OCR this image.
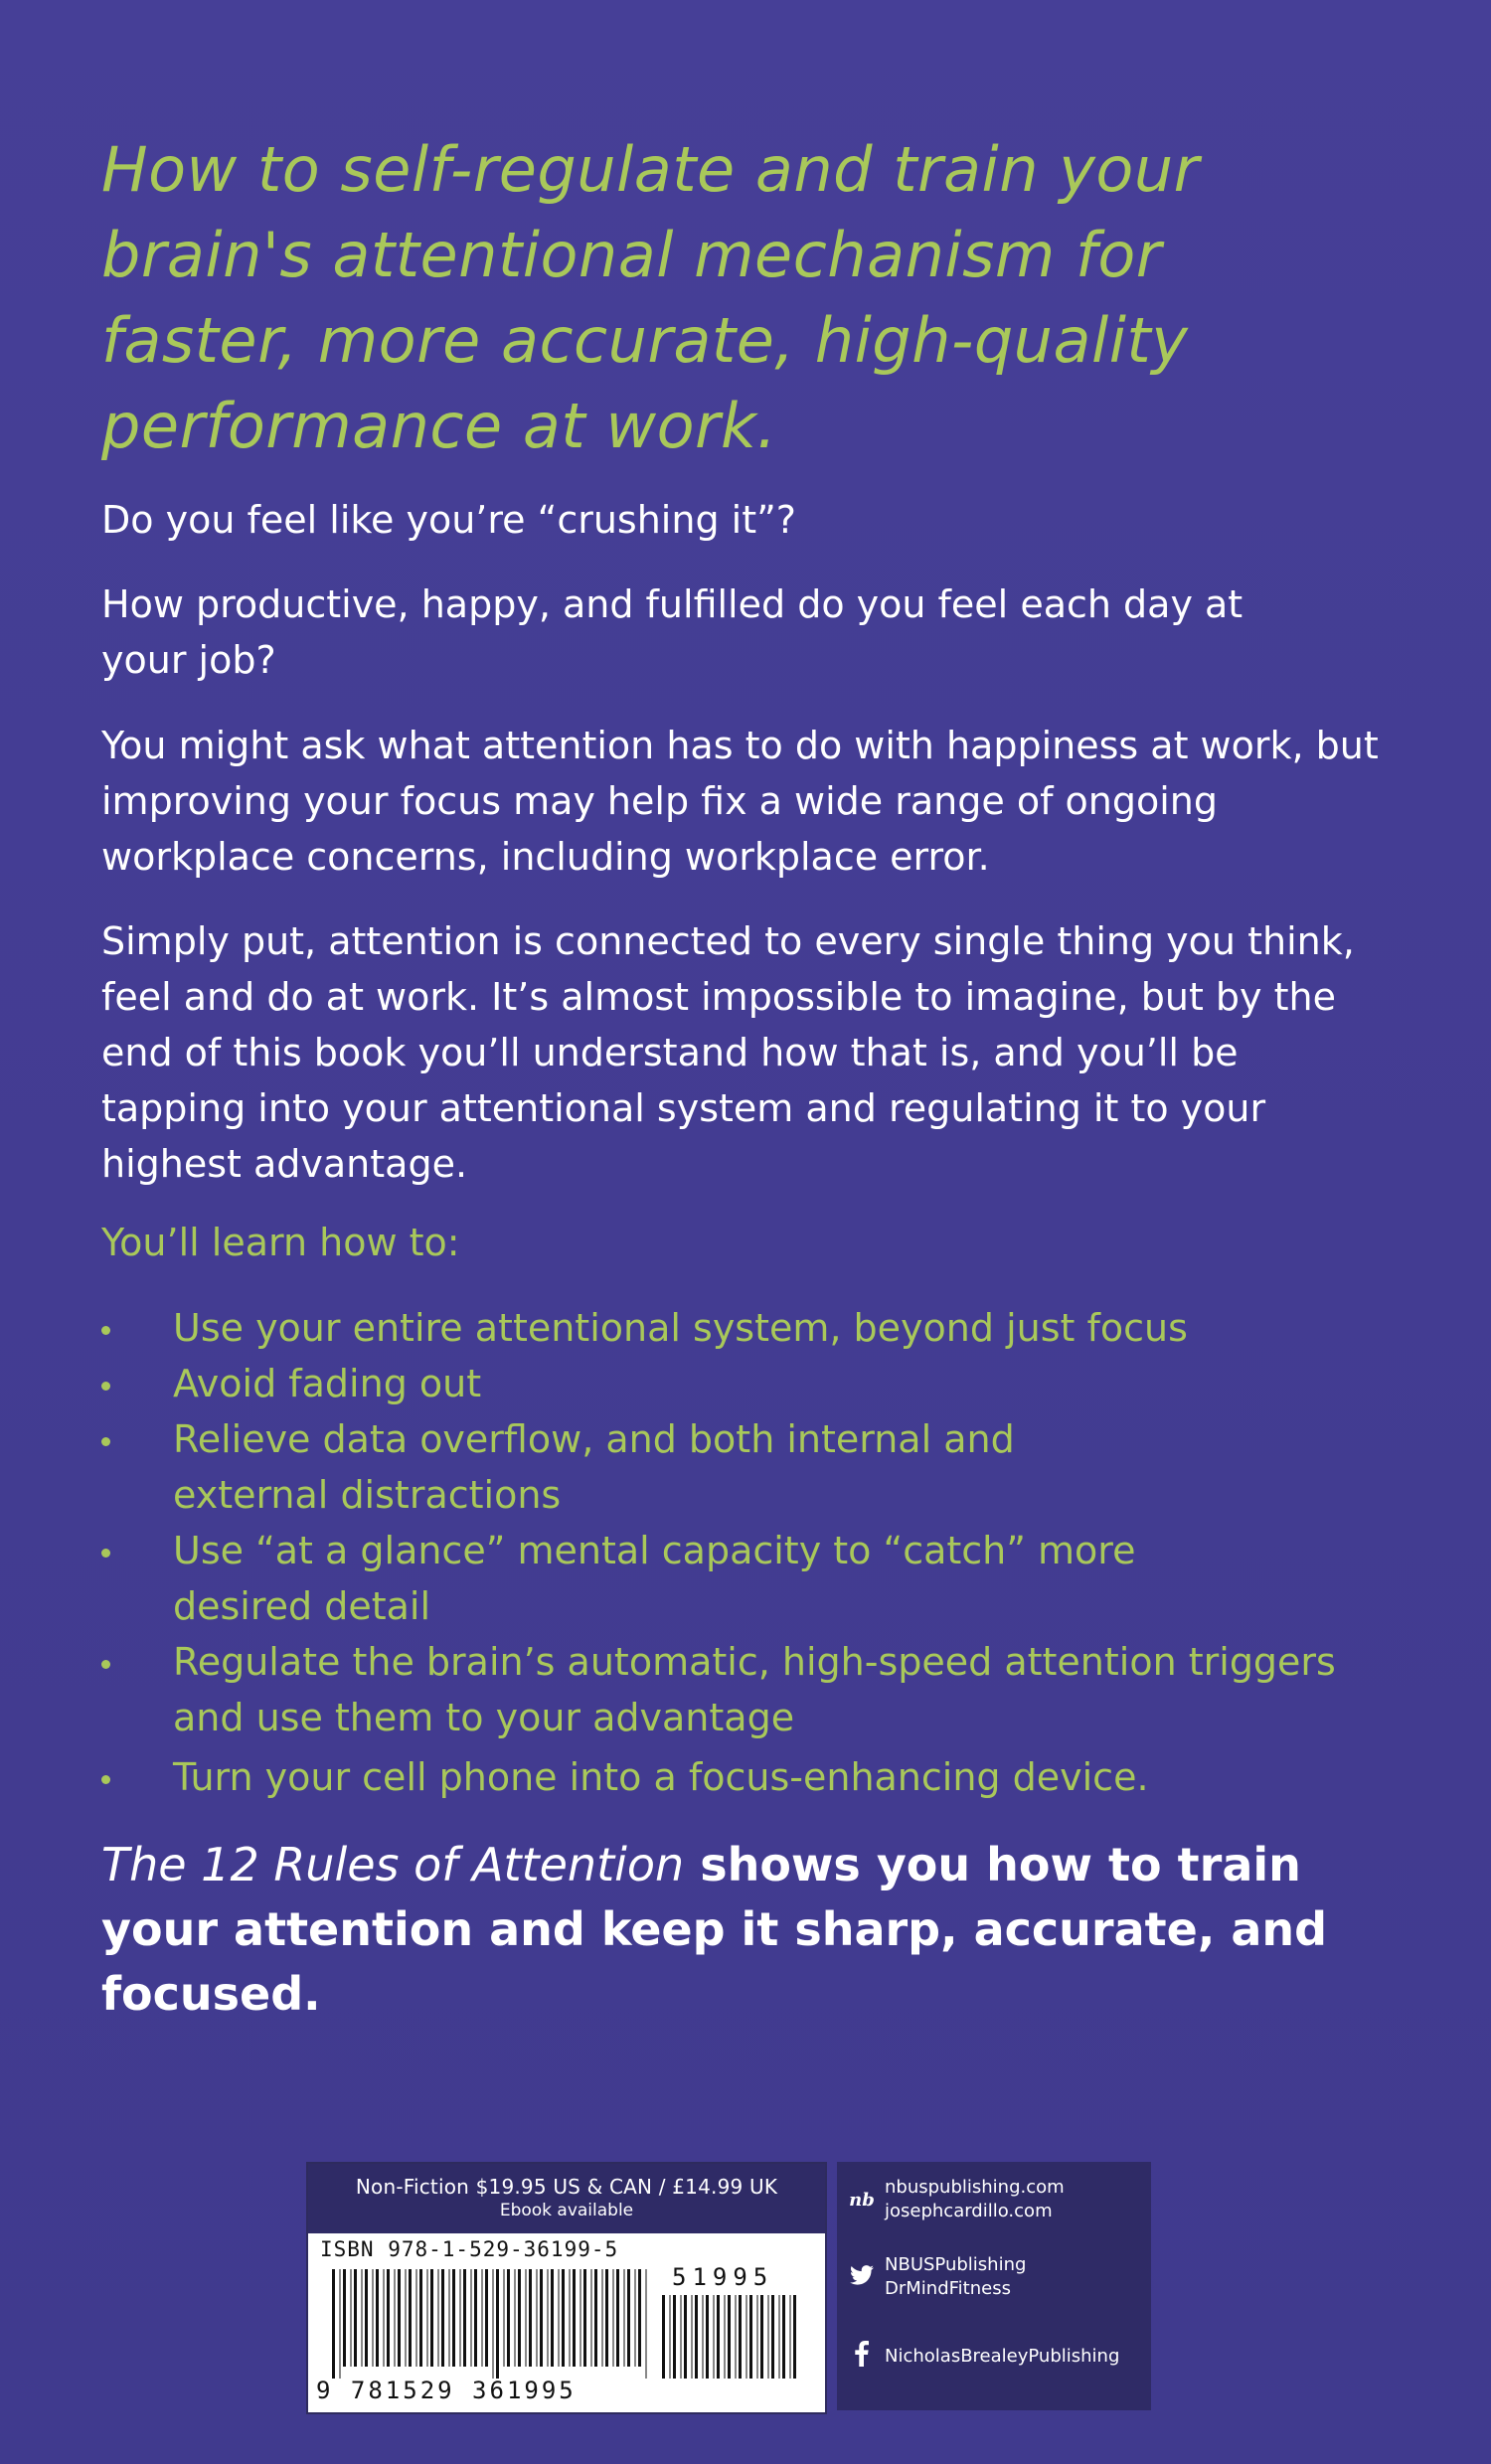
How to self-regulate and train your brain's attentional mechanism for faster, more accurate, high-quality performance at work.

Do you feel like you’re “crushing it”?

How productive, happy, and fulfilled do you feel each day at your job?

You might ask what attention has to do with happiness at work, but improving your focus may help fix a wide range of ongoing workplace concerns, including workplace error.

Simply put, attention is connected to every single thing you think, feel and do at work. It’s almost impossible to imagine, but by the end of this book you’ll understand how that is, and you’ll be tapping into your attentional system and regulating it to your highest advantage.

You’ll learn how to:

Use your entire attentional system, beyond just focus
Avoid fading out
Relieve data overflow, and both internal and external distractions
Use “at a glance” mental capacity to “catch” more desired detail
Regulate the brain’s automatic, high-speed attention triggers and use them to your advantage
Turn your cell phone into a focus-enhancing device.

The 12 Rules of Attention shows you how to train your attention and keep it sharp, accurate, and focused.

Non-Fiction $19.95 US & CAN / £14.99 UK
Ebook available
ISBN 978-1-529-36199-5
51995
9 781529 361995
nb
nbuspublishing.com
josephcardillo.com
NBUSPublishing
DrMindFitness
NicholasBrealeyPublishing
